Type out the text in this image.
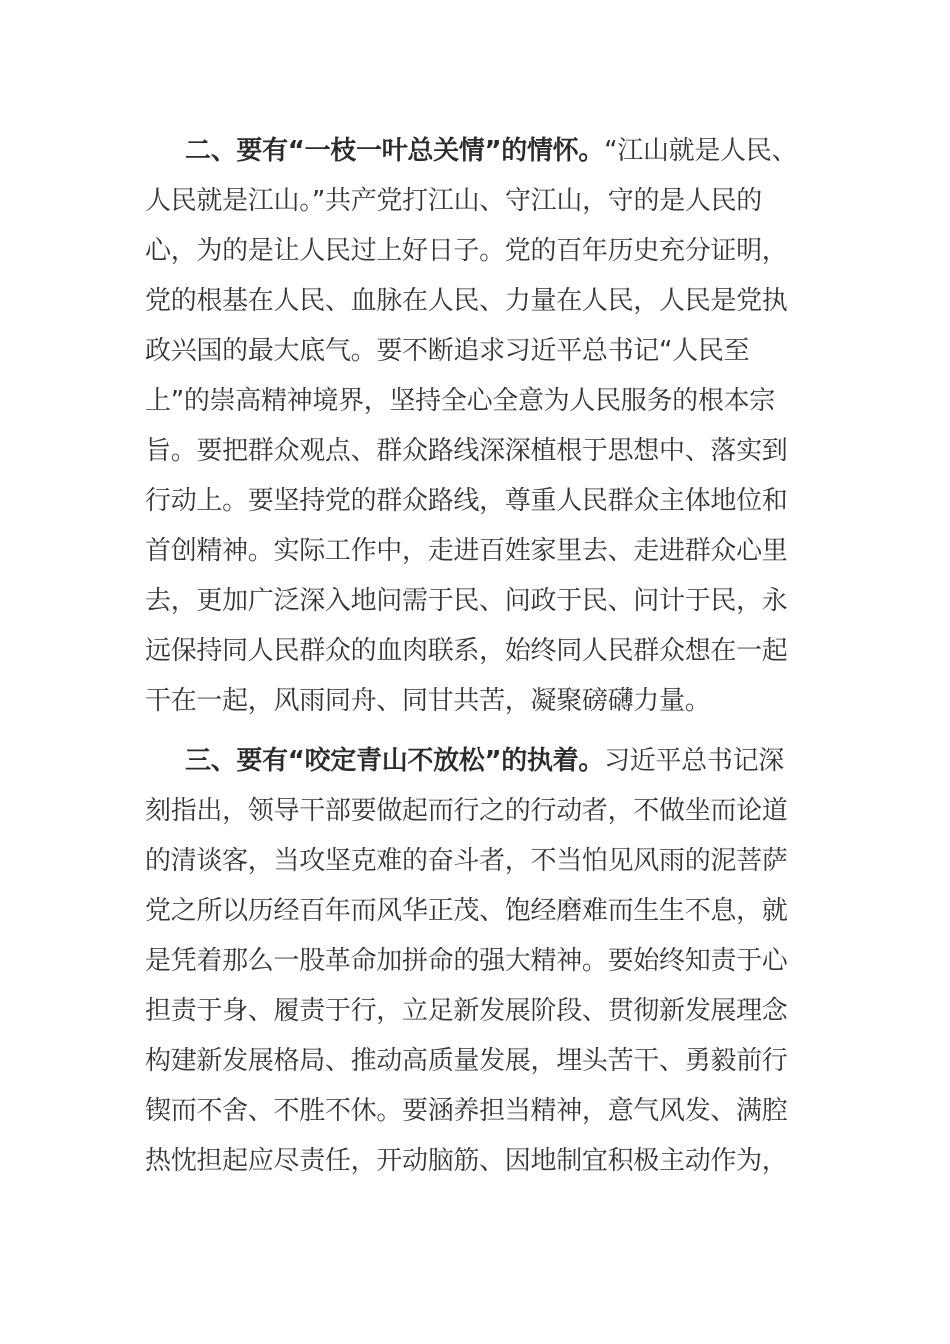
二、要有“一枝一叶总关情”的情怀。“江山就是人民、
人民就是江山。”共产党打江山、守江山，守的是人民的
心，为的是让人民过上好日子。党的百年历史充分证明，
党的根基在人民、血脉在人民、力量在人民，人民是党执
政兴国的最大底气。要不断追求习近平总书记“人民至
上”的崇高精神境界，坚持全心全意为人民服务的根本宗
旨。要把群众观点、群众路线深深植根于思想中、落实到
行动上。要坚持党的群众路线，尊重人民群众主体地位和
首创精神。实际工作中，走进百姓家里去、走进群众心里
去，更加广泛深入地问需于民、问政于民、问计于民，永
远保持同人民群众的血肉联系，始终同人民群众想在一起
干在一起，风雨同舟、同甘共苦，凝聚磅礴力量。
三、要有“咬定青山不放松”的执着。习近平总书记深
刻指出，领导干部要做起而行之的行动者，不做坐而论道
的清谈客，当攻坚克难的奋斗者，不当怕见风雨的泥菩萨
党之所以历经百年而风华正茂、饱经磨难而生生不息，就
是凭着那么一股革命加拼命的强大精神。要始终知责于心
担责于身、履责于行，立足新发展阶段、贯彻新发展理念
构建新发展格局、推动高质量发展，埋头苦干、勇毅前行
锲而不舍、不胜不休。要涵养担当精神，意气风发、满腔
热忱担起应尽责任，开动脑筋、因地制宜积极主动作为，
